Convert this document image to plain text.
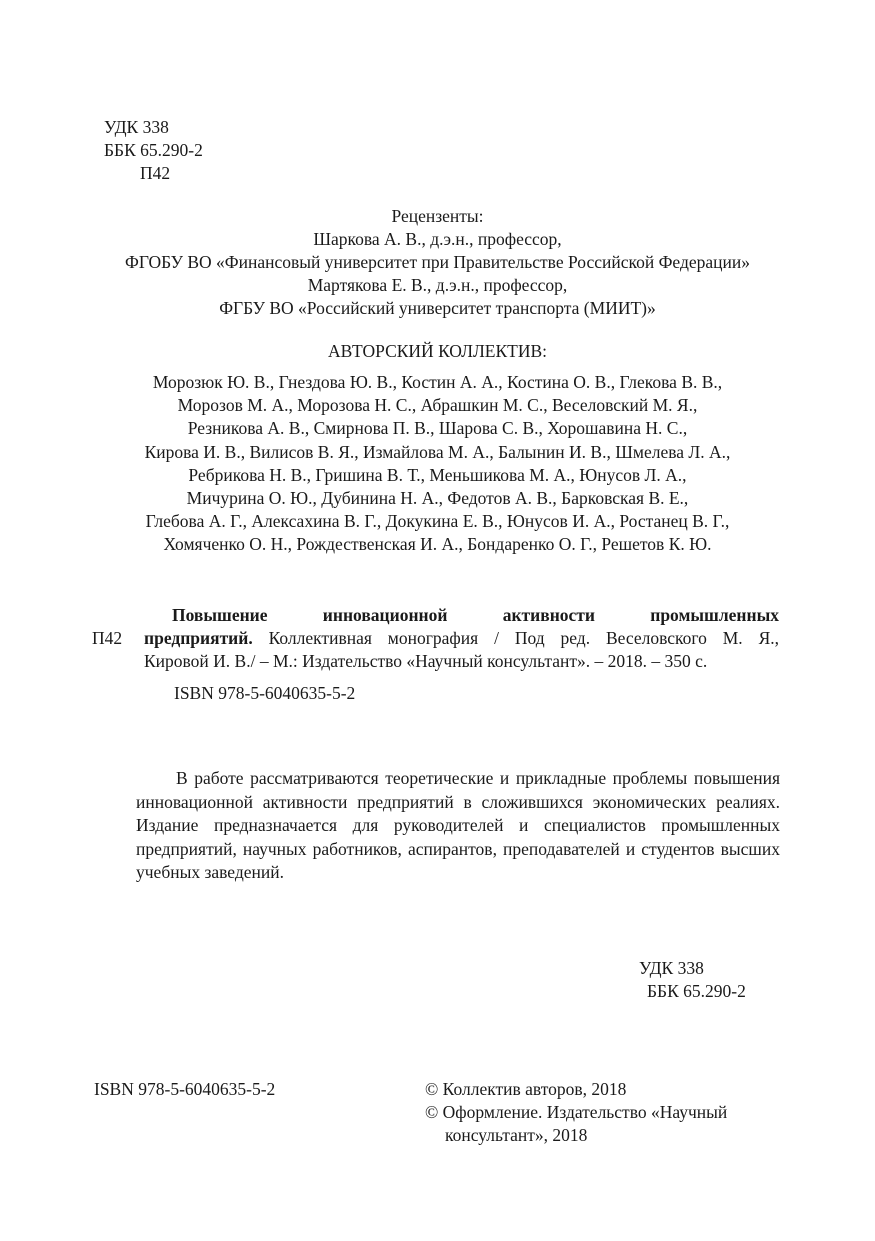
УДК 338
ББК 65.290-2
П42
Рецензенты:
Шаркова А. В., д.э.н., профессор,
ФГОБУ ВО «Финансовый университет при Правительстве Российской Федерации»
Мартякова Е. В., д.э.н., профессор,
ФГБУ ВО «Российский университет транспорта (МИИТ)»
АВТОРСКИЙ КОЛЛЕКТИВ:
Морозюк Ю. В., Гнездова Ю. В., Костин А. А., Костина О. В., Глекова В. В.,
Морозов М. А., Морозова Н. С., Абрашкин М. С., Веселовский М. Я.,
Резникова А. В., Смирнова П. В., Шарова С. В., Хорошавина Н. С.,
Кирова И. В., Вилисов В. Я., Измайлова М. А., Балынин И. В., Шмелева Л. А.,
Ребрикова Н. В., Гришина В. Т., Меньшикова М. А., Юнусов Л. А.,
Мичурина О. Ю., Дубинина Н. А., Федотов А. В., Барковская В. Е.,
Глебова А. Г., Алексахина В. Г., Докукина Е. В., Юнусов И. А., Ростанец В. Г.,
Хомяченко О. Н., Рождественская И. А., Бондаренко О. Г., Решетов К. Ю.
П42
Повышение инновационной активности промышленных
предприятий. Коллективная монография / Под ред. Веселовского М. Я.,
Кировой И. В./ – М.: Издательство «Научный консультант». – 2018. – 350 с.
ISBN 978-5-6040635-5-2

В работе рассматриваются теоретические и прикладные проблемы повышения инновационной активности предприятий в сложившихся экономических реалиях. Издание предназначается для руководителей и специалистов промышленных предприятий, научных работников, аспирантов, преподавателей и студентов высших учебных заведений.

УДК 338
ББК 65.290-2
ISBN 978-5-6040635-5-2	© Коллектив авторов, 2018
© Оформление. Издательство «Научный
консультант», 2018
